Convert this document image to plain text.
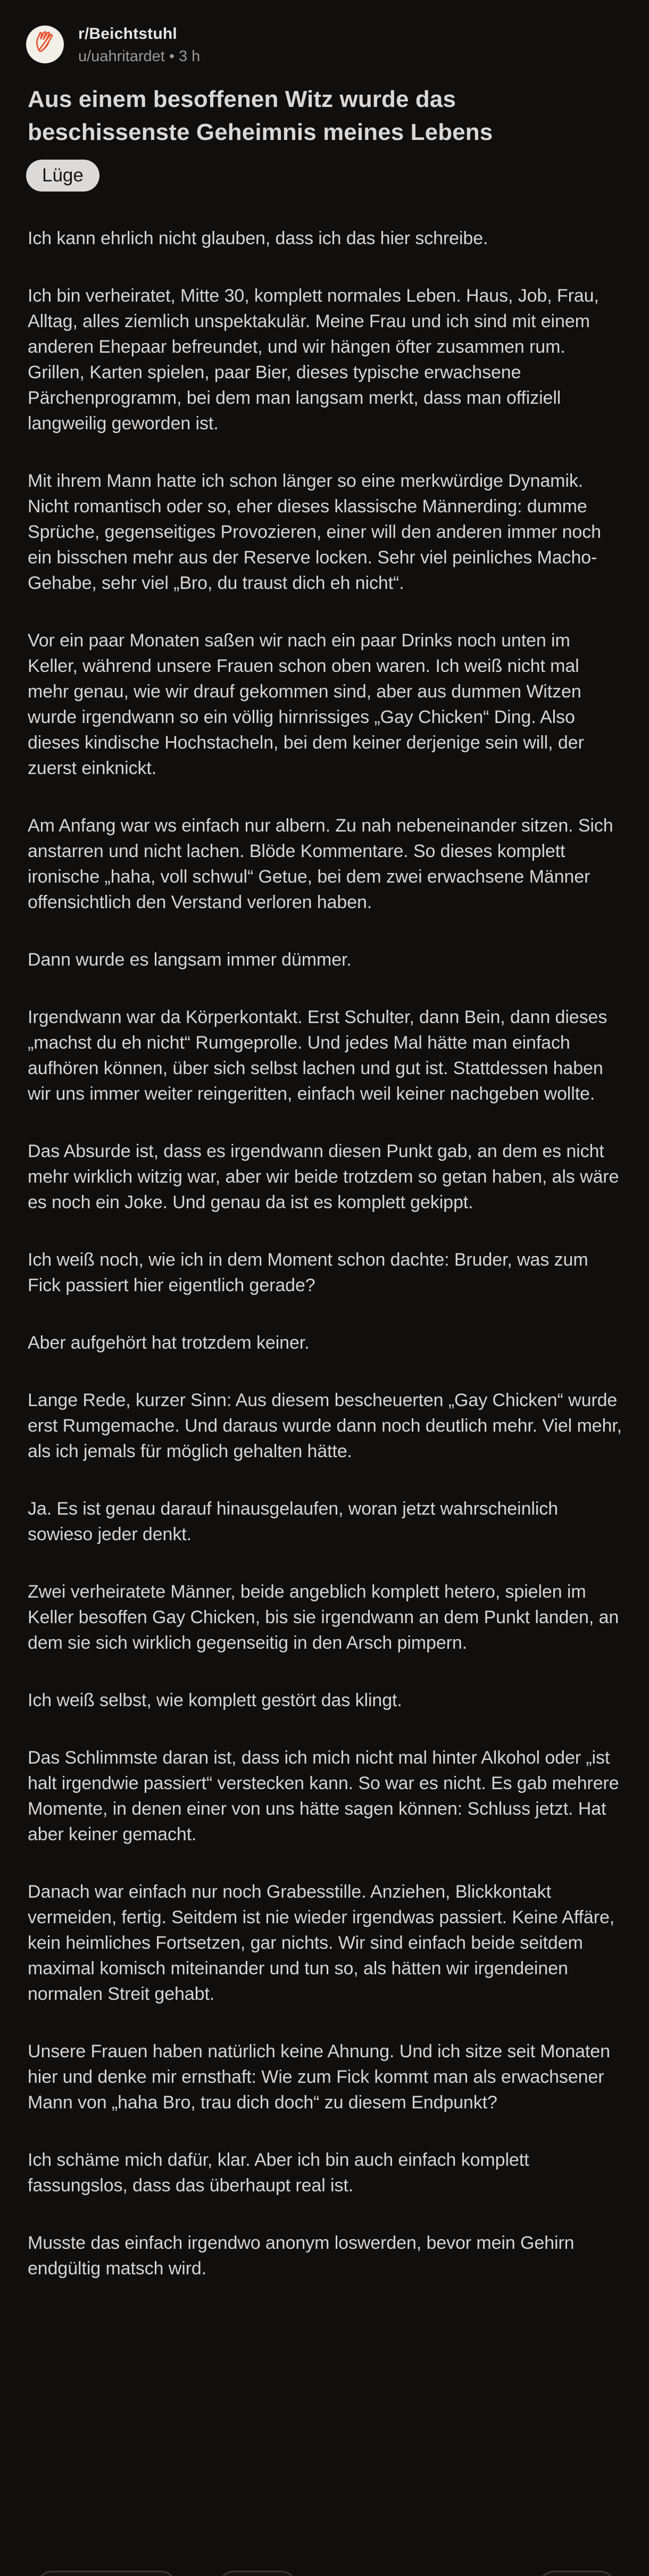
r/Beichtstuhl
u/uahritardet • 3 h
Aus einem besoffenen Witz wurde das beschissenste Geheimnis meines Lebens
Lüge

Ich kann ehrlich nicht glauben, dass ich das hier schreibe.

Ich bin verheiratet, Mitte 30, komplett normales Leben. Haus, Job, Frau, Alltag, alles ziemlich unspektakulär. Meine Frau und ich sind mit einem anderen Ehepaar befreundet, und wir hängen öfter zusammen rum. Grillen, Karten spielen, paar Bier, dieses typische erwachsene Pärchenprogramm, bei dem man langsam merkt, dass man offiziell langweilig geworden ist.

Mit ihrem Mann hatte ich schon länger so eine merkwürdige Dynamik. Nicht romantisch oder so, eher dieses klassische Männerding: dumme Sprüche, gegenseitiges Provozieren, einer will den anderen immer noch ein bisschen mehr aus der Reserve locken. Sehr viel peinliches Macho-Gehabe, sehr viel „Bro, du traust dich eh nicht“.

Vor ein paar Monaten saßen wir nach ein paar Drinks noch unten im Keller, während unsere Frauen schon oben waren. Ich weiß nicht mal mehr genau, wie wir drauf gekommen sind, aber aus dummen Witzen wurde irgendwann so ein völlig hirnrissiges „Gay Chicken“ Ding. Also dieses kindische Hochstacheln, bei dem keiner derjenige sein will, der zuerst einknickt.

Am Anfang war ws einfach nur albern. Zu nah nebeneinander sitzen. Sich anstarren und nicht lachen. Blöde Kommentare. So dieses komplett ironische „haha, voll schwul“ Getue, bei dem zwei erwachsene Männer offensichtlich den Verstand verloren haben.

Dann wurde es langsam immer dümmer.

Irgendwann war da Körperkontakt. Erst Schulter, dann Bein, dann dieses „machst du eh nicht“ Rumgeprolle. Und jedes Mal hätte man einfach aufhören können, über sich selbst lachen und gut ist. Stattdessen haben wir uns immer weiter reingeritten, einfach weil keiner nachgeben wollte.

Das Absurde ist, dass es irgendwann diesen Punkt gab, an dem es nicht mehr wirklich witzig war, aber wir beide trotzdem so getan haben, als wäre es noch ein Joke. Und genau da ist es komplett gekippt.

Ich weiß noch, wie ich in dem Moment schon dachte: Bruder, was zum Fick passiert hier eigentlich gerade?

Aber aufgehört hat trotzdem keiner.

Lange Rede, kurzer Sinn: Aus diesem bescheuerten „Gay Chicken“ wurde erst Rumgemache. Und daraus wurde dann noch deutlich mehr. Viel mehr, als ich jemals für möglich gehalten hätte.

Ja. Es ist genau darauf hinausgelaufen, woran jetzt wahrscheinlich sowieso jeder denkt.

Zwei verheiratete Männer, beide angeblich komplett hetero, spielen im Keller besoffen Gay Chicken, bis sie irgendwann an dem Punkt landen, an dem sie sich wirklich gegenseitig in den Arsch pimpern.

Ich weiß selbst, wie komplett gestört das klingt.

Das Schlimmste daran ist, dass ich mich nicht mal hinter Alkohol oder „ist halt irgendwie passiert“ verstecken kann. So war es nicht. Es gab mehrere Momente, in denen einer von uns hätte sagen können: Schluss jetzt. Hat aber keiner gemacht.

Danach war einfach nur noch Grabesstille. Anziehen, Blickkontakt vermeiden, fertig. Seitdem ist nie wieder irgendwas passiert. Keine Affäre, kein heimliches Fortsetzen, gar nichts. Wir sind einfach beide seitdem maximal komisch miteinander und tun so, als hätten wir irgendeinen normalen Streit gehabt.

Unsere Frauen haben natürlich keine Ahnung. Und ich sitze seit Monaten hier und denke mir ernsthaft: Wie zum Fick kommt man als erwachsener Mann von „haha Bro, trau dich doch“ zu diesem Endpunkt?

Ich schäme mich dafür, klar. Aber ich bin auch einfach komplett fassungslos, dass das überhaupt real ist.

Musste das einfach irgendwo anonym loswerden, bevor mein Gehirn endgültig matsch wird.
